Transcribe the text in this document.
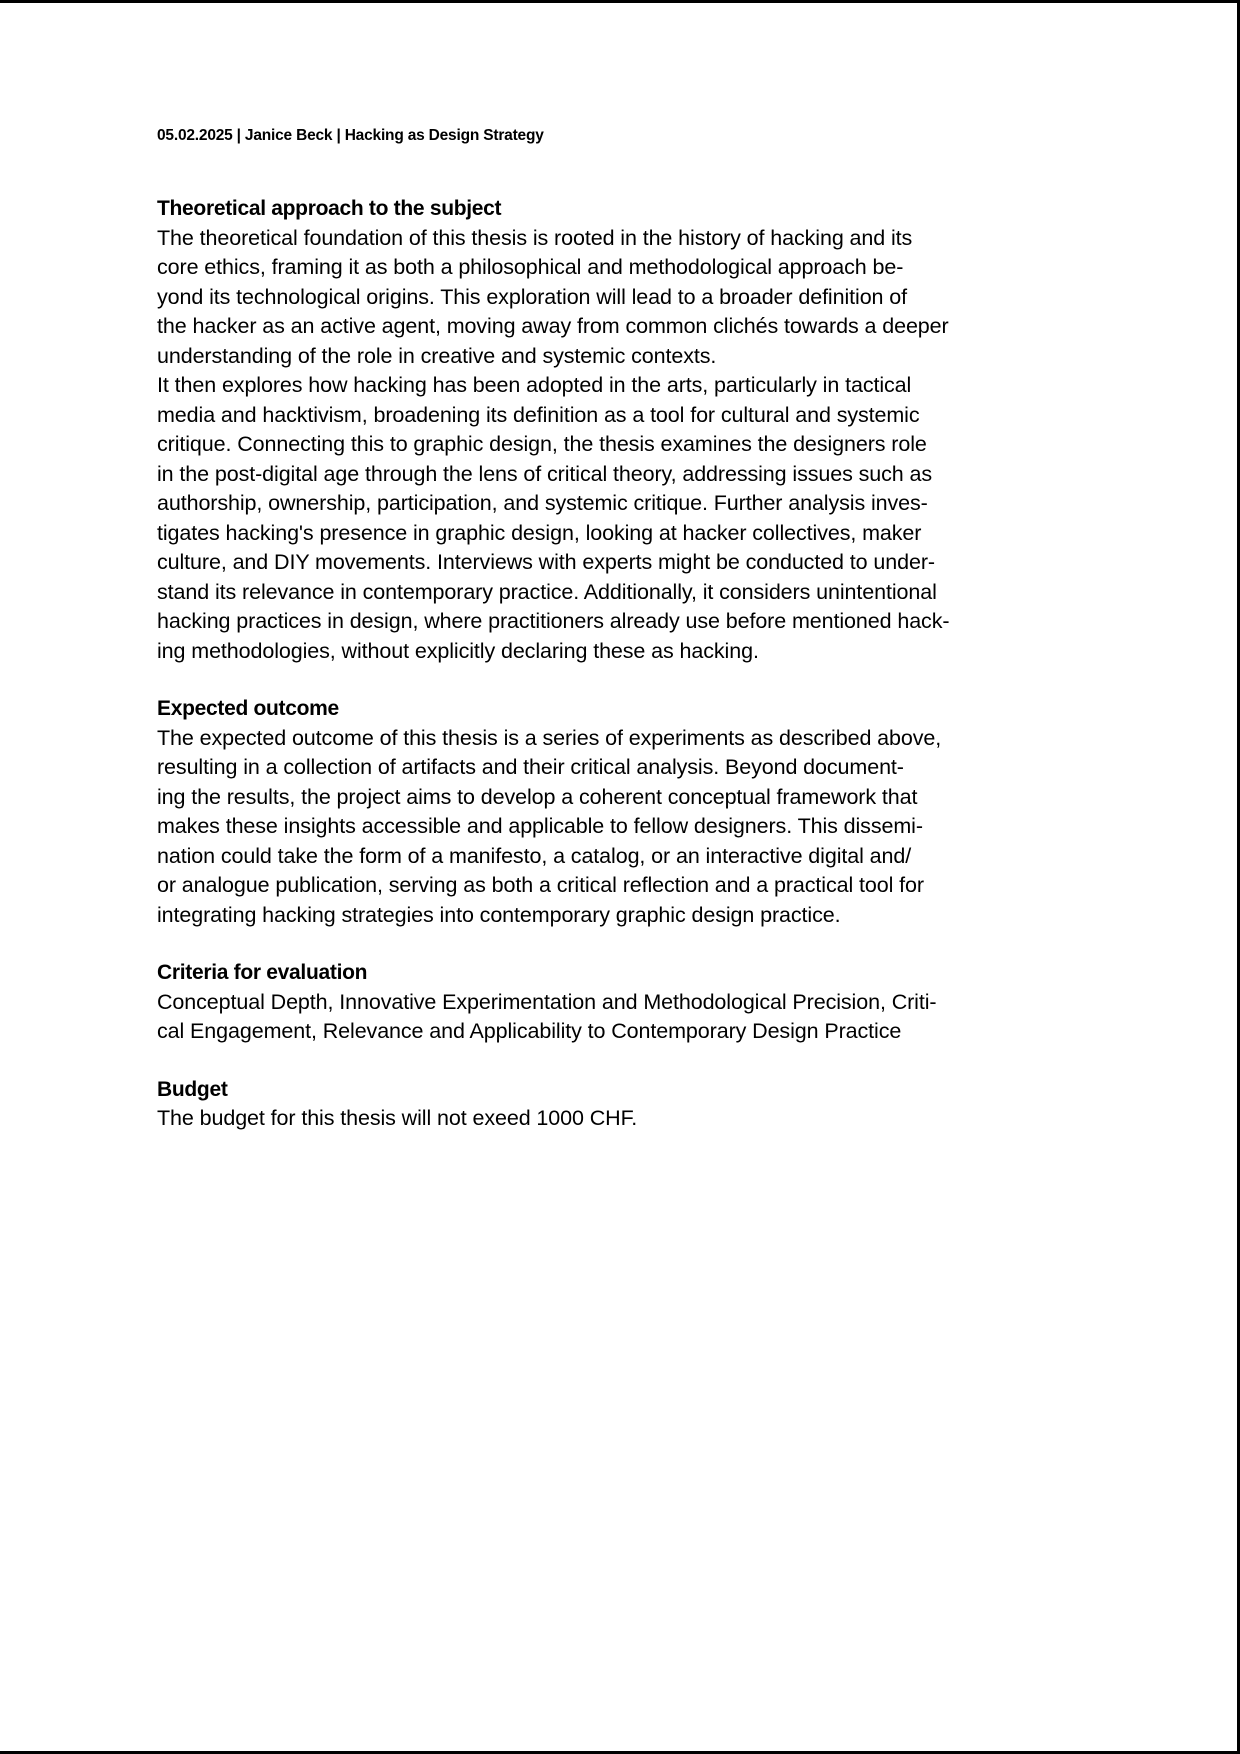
05.02.2025 | Janice Beck | Hacking as Design Strategy
Theoretical approach to the subject
The theoretical foundation of this thesis is rooted in the history of hacking and its
core ethics, framing it as both a philosophical and methodological approach be-
yond its technological origins. This exploration will lead to a broader definition of
the hacker as an active agent, moving away from common clichés towards a deeper
understanding of the role in creative and systemic contexts.
It then explores how hacking has been adopted in the arts, particularly in tactical
media and hacktivism, broadening its definition as a tool for cultural and systemic
critique. Connecting this to graphic design, the thesis examines the designers role
in the post-digital age through the lens of critical theory, addressing issues such as
authorship, ownership, participation, and systemic critique. Further analysis inves-
tigates hacking's presence in graphic design, looking at hacker collectives, maker
culture, and DIY movements. Interviews with experts might be conducted to under-
stand its relevance in contemporary practice. Additionally, it considers unintentional
hacking practices in design, where practitioners already use before mentioned hack-
ing methodologies, without explicitly declaring these as hacking.
Expected outcome
The expected outcome of this thesis is a series of experiments as described above,
resulting in a collection of artifacts and their critical analysis. Beyond document-
ing the results, the project aims to develop a coherent conceptual framework that
makes these insights accessible and applicable to fellow designers. This dissemi-
nation could take the form of a manifesto, a catalog, or an interactive digital and/
or analogue publication, serving as both a critical reflection and a practical tool for
integrating hacking strategies into contemporary graphic design practice.
Criteria for evaluation
Conceptual Depth, Innovative Experimentation and Methodological Precision, Criti-
cal Engagement, Relevance and Applicability to Contemporary Design Practice
Budget
The budget for this thesis will not exeed 1000 CHF.
